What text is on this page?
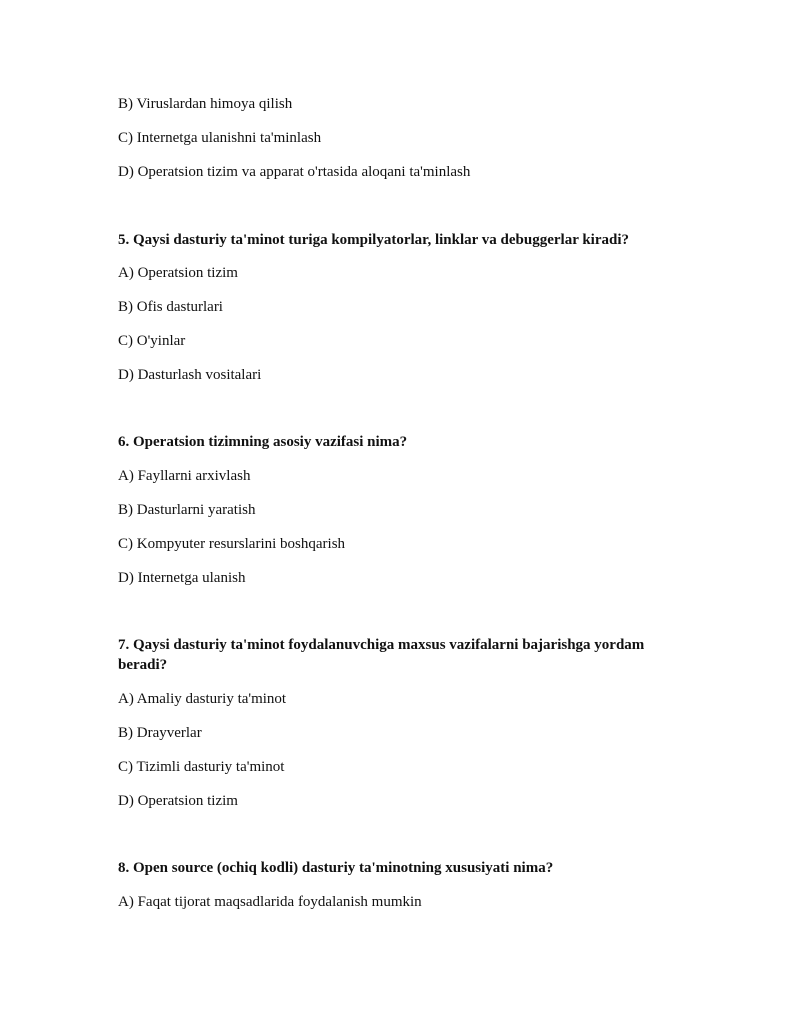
B) Viruslardan himoya qilish
C) Internetga ulanishni ta'minlash
D) Operatsion tizim va apparat o'rtasida aloqani ta'minlash
5. Qaysi dasturiy ta'minot turiga kompilyatorlar, linklar va debuggerlar kiradi?
A) Operatsion tizim
B) Ofis dasturlari
C) O'yinlar
D) Dasturlash vositalari
6. Operatsion tizimning asosiy vazifasi nima?
A) Fayllarni arxivlash
B) Dasturlarni yaratish
C) Kompyuter resurslarini boshqarish
D) Internetga ulanish
7. Qaysi dasturiy ta'minot foydalanuvchiga maxsus vazifalarni bajarishga yordam
beradi?
A) Amaliy dasturiy ta'minot
B) Drayverlar
C) Tizimli dasturiy ta'minot
D) Operatsion tizim
8. Open source (ochiq kodli) dasturiy ta'minotning xususiyati nima?
A) Faqat tijorat maqsadlarida foydalanish mumkin
